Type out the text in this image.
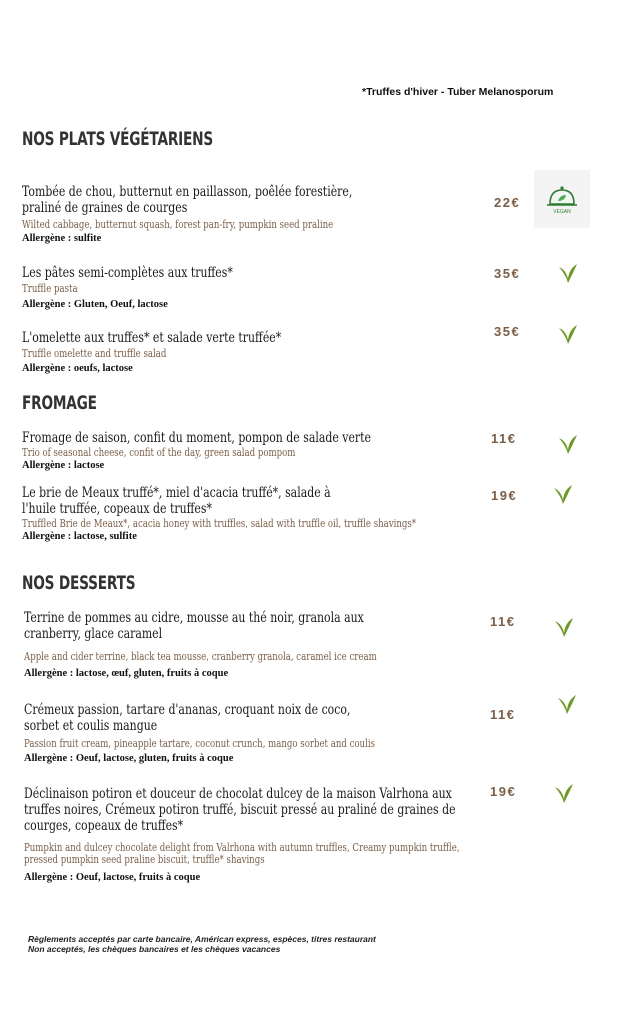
*Truffes d'hiver - Tuber Melanosporum
NOS PLATS VÉGÉTARIENS
Tombée de chou, butternut en paillasson, poêlée forestière, praliné de graines de courges
Wilted cabbage, butternut squash, forest pan-fry, pumpkin seed praline
Allergène : sulfite
22€
VEGAN
Les pâtes semi-complètes aux truffes*
Truffle pasta
Allergène : Gluten, Oeuf, lactose
35€
L'omelette aux truffes* et salade verte truffée*
Truffle omelette and truffle salad
Allergène : oeufs, lactose
35€
FROMAGE
Fromage de saison, confit du moment, pompon de salade verte
Trio of seasonal cheese, confit of the day, green salad pompom
Allergène : lactose
11€
Le brie de Meaux truffé*, miel d'acacia truffé*, salade à l'huile truffée, copeaux de truffes*
Truffled Brie de Meaux*, acacia honey with truffles, salad with truffle oil, truffle shavings*
Allergène : lactose, sulfite
19€
NOS DESSERTS
Terrine de pommes au cidre, mousse au thé noir, granola aux cranberry, glace caramel
Apple and cider terrine, black tea mousse, cranberry granola, caramel ice cream
Allergène : lactose, œuf, gluten, fruits à coque
11€
Crémeux passion, tartare d'ananas, croquant noix de coco, sorbet et coulis mangue
Passion fruit cream, pineapple tartare, coconut crunch, mango sorbet and coulis
Allergène : Oeuf, lactose, gluten, fruits à coque
11€
Déclinaison potiron et douceur de chocolat dulcey de la maison Valrhona aux truffes noires, Crémeux potiron truffé, biscuit pressé au praliné de graines de courges, copeaux de truffes*
Pumpkin and dulcey chocolate delight from Valrhona with autumn truffles, Creamy pumpkin truffle, pressed pumpkin seed praline biscuit, truffle* shavings
Allergène : Oeuf, lactose, fruits à coque
19€
Règlements acceptés par carte bancaire, Américan express, espèces, titres restaurant
Non acceptés, les chèques bancaires et les chèques vacances
